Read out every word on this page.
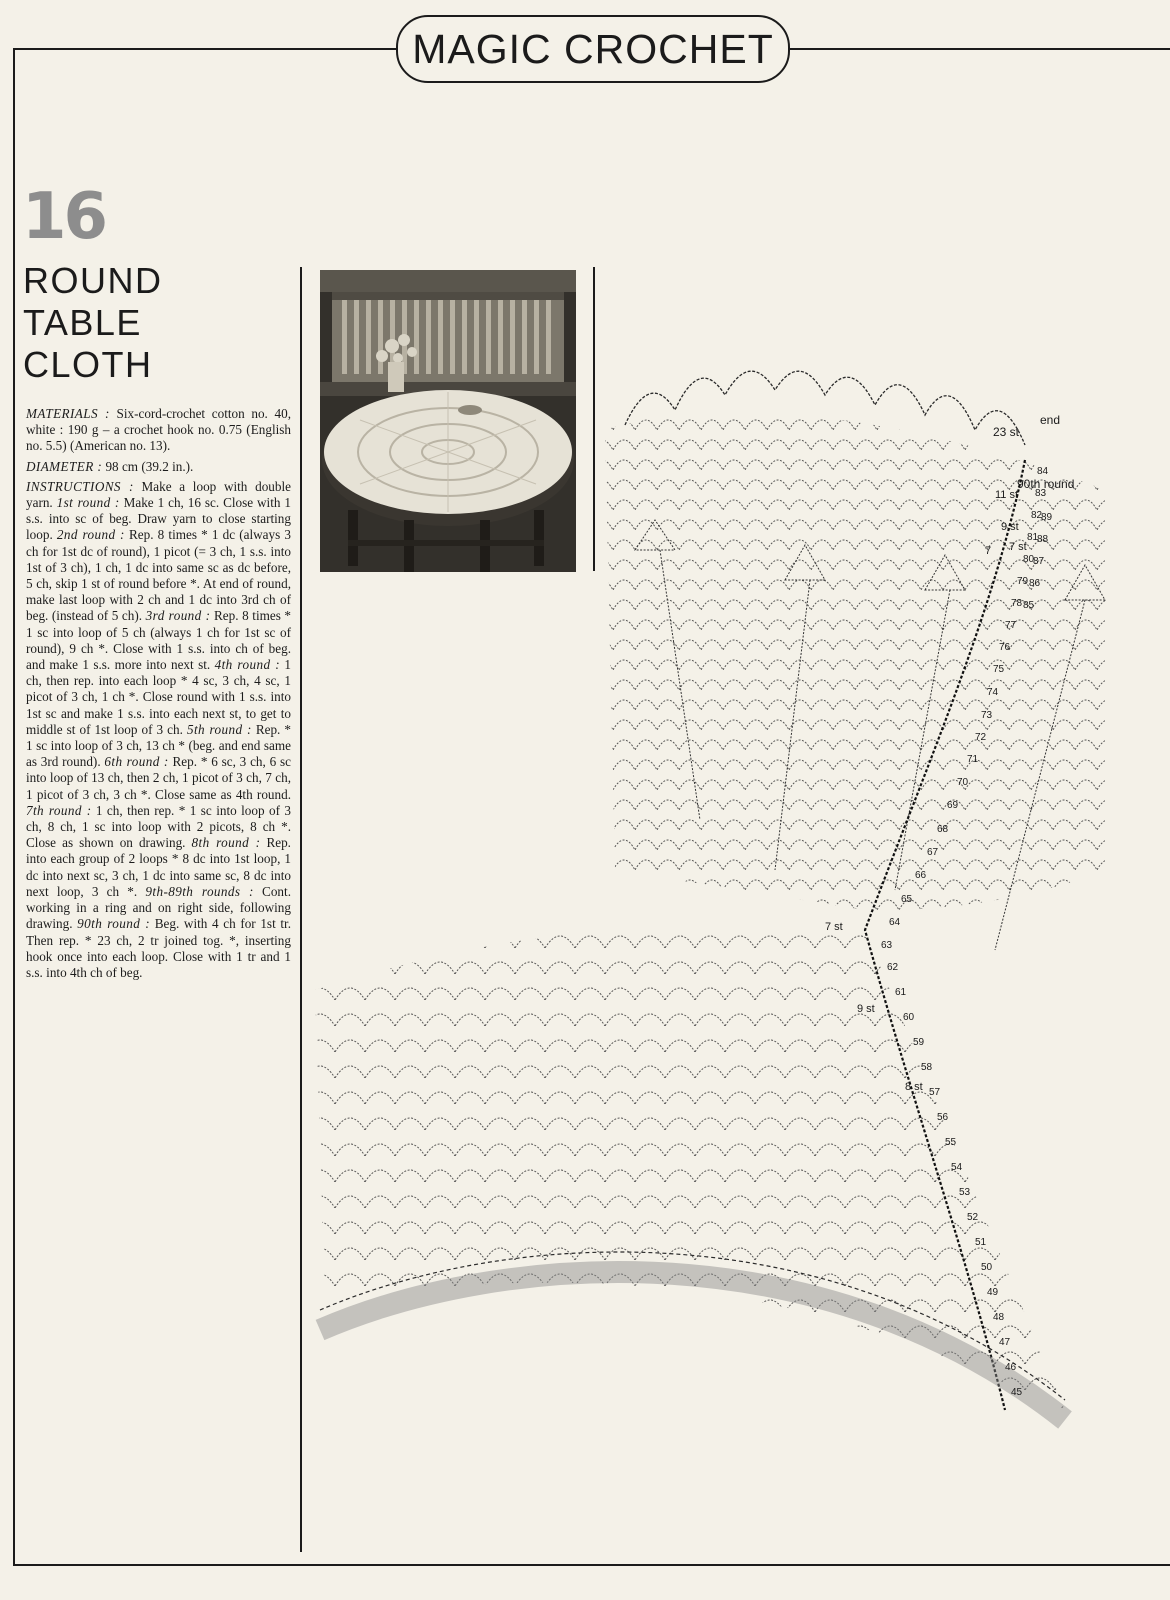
MAGIC CROCHET
16
ROUND
TABLE
CLOTH

MATERIALS : Six-cord-crochet cotton no. 40, white : 190 g – a crochet hook no. 0.75 (English no. 5.5) (American no. 13).

DIAMETER : 98 cm (39.2 in.).

INSTRUCTIONS : Make a loop with double yarn. 1st round : Make 1 ch, 16 sc. Close with 1 s.s. into sc of beg. Draw yarn to close starting loop. 2nd round : Rep. 8 times * 1 dc (always 3 ch for 1st dc of round), 1 picot (= 3 ch, 1 s.s. into 1st of 3 ch), 1 ch, 1 dc into same sc as dc before, 5 ch, skip 1 st of round before *. At end of round, make last loop with 2 ch and 1 dc into 3rd ch of beg. (instead of 5 ch). 3rd round : Rep. 8 times * 1 sc into loop of 5 ch (always 1 ch for 1st sc of round), 9 ch *. Close with 1 s.s. into ch of beg. and make 1 s.s. more into next st. 4th round : 1 ch, then rep. into each loop * 4 sc, 3 ch, 4 sc, 1 picot of 3 ch, 1 ch *. Close round with 1 s.s. into 1st sc and make 1 s.s. into each next st, to get to middle st of 1st loop of 3 ch. 5th round : Rep. * 1 sc into loop of 3 ch, 13 ch * (beg. and end same as 3rd round). 6th round : Rep. * 6 sc, 3 ch, 6 sc into loop of 13 ch, then 2 ch, 1 picot of 3 ch, 7 ch, 1 picot of 3 ch, 3 ch *. Close same as 4th round. 7th round : 1 ch, then rep. * 1 sc into loop of 3 ch, 8 ch, 1 sc into loop with 2 picots, 8 ch *. Close as shown on drawing. 8th round : Rep. into each group of 2 loops * 8 dc into 1st loop, 1 dc into next sc, 3 ch, 1 dc into same sc, 8 dc into next loop, 3 ch *. 9th-89th rounds : Cont. working in a ring and on right side, following drawing. 90th round : Beg. with 4 ch for 1st tr. Then rep. * 23 ch, 2 tr joined tog. *, inserting hook once into each loop. Close with 1 tr and 1 s.s. into 4th ch of beg.

45
46
47
48
49
50
51
52
53
54
55
56
57
58
59
60
61
62
63
64
65
66
67
68
69
70
71
72
73
74
75
76
77
78
79
80
81
82
83
84
85
86
87
88
89
end
23 st
90th round
11 st
9 st
7 st
7
7 st
9 st
8 st
